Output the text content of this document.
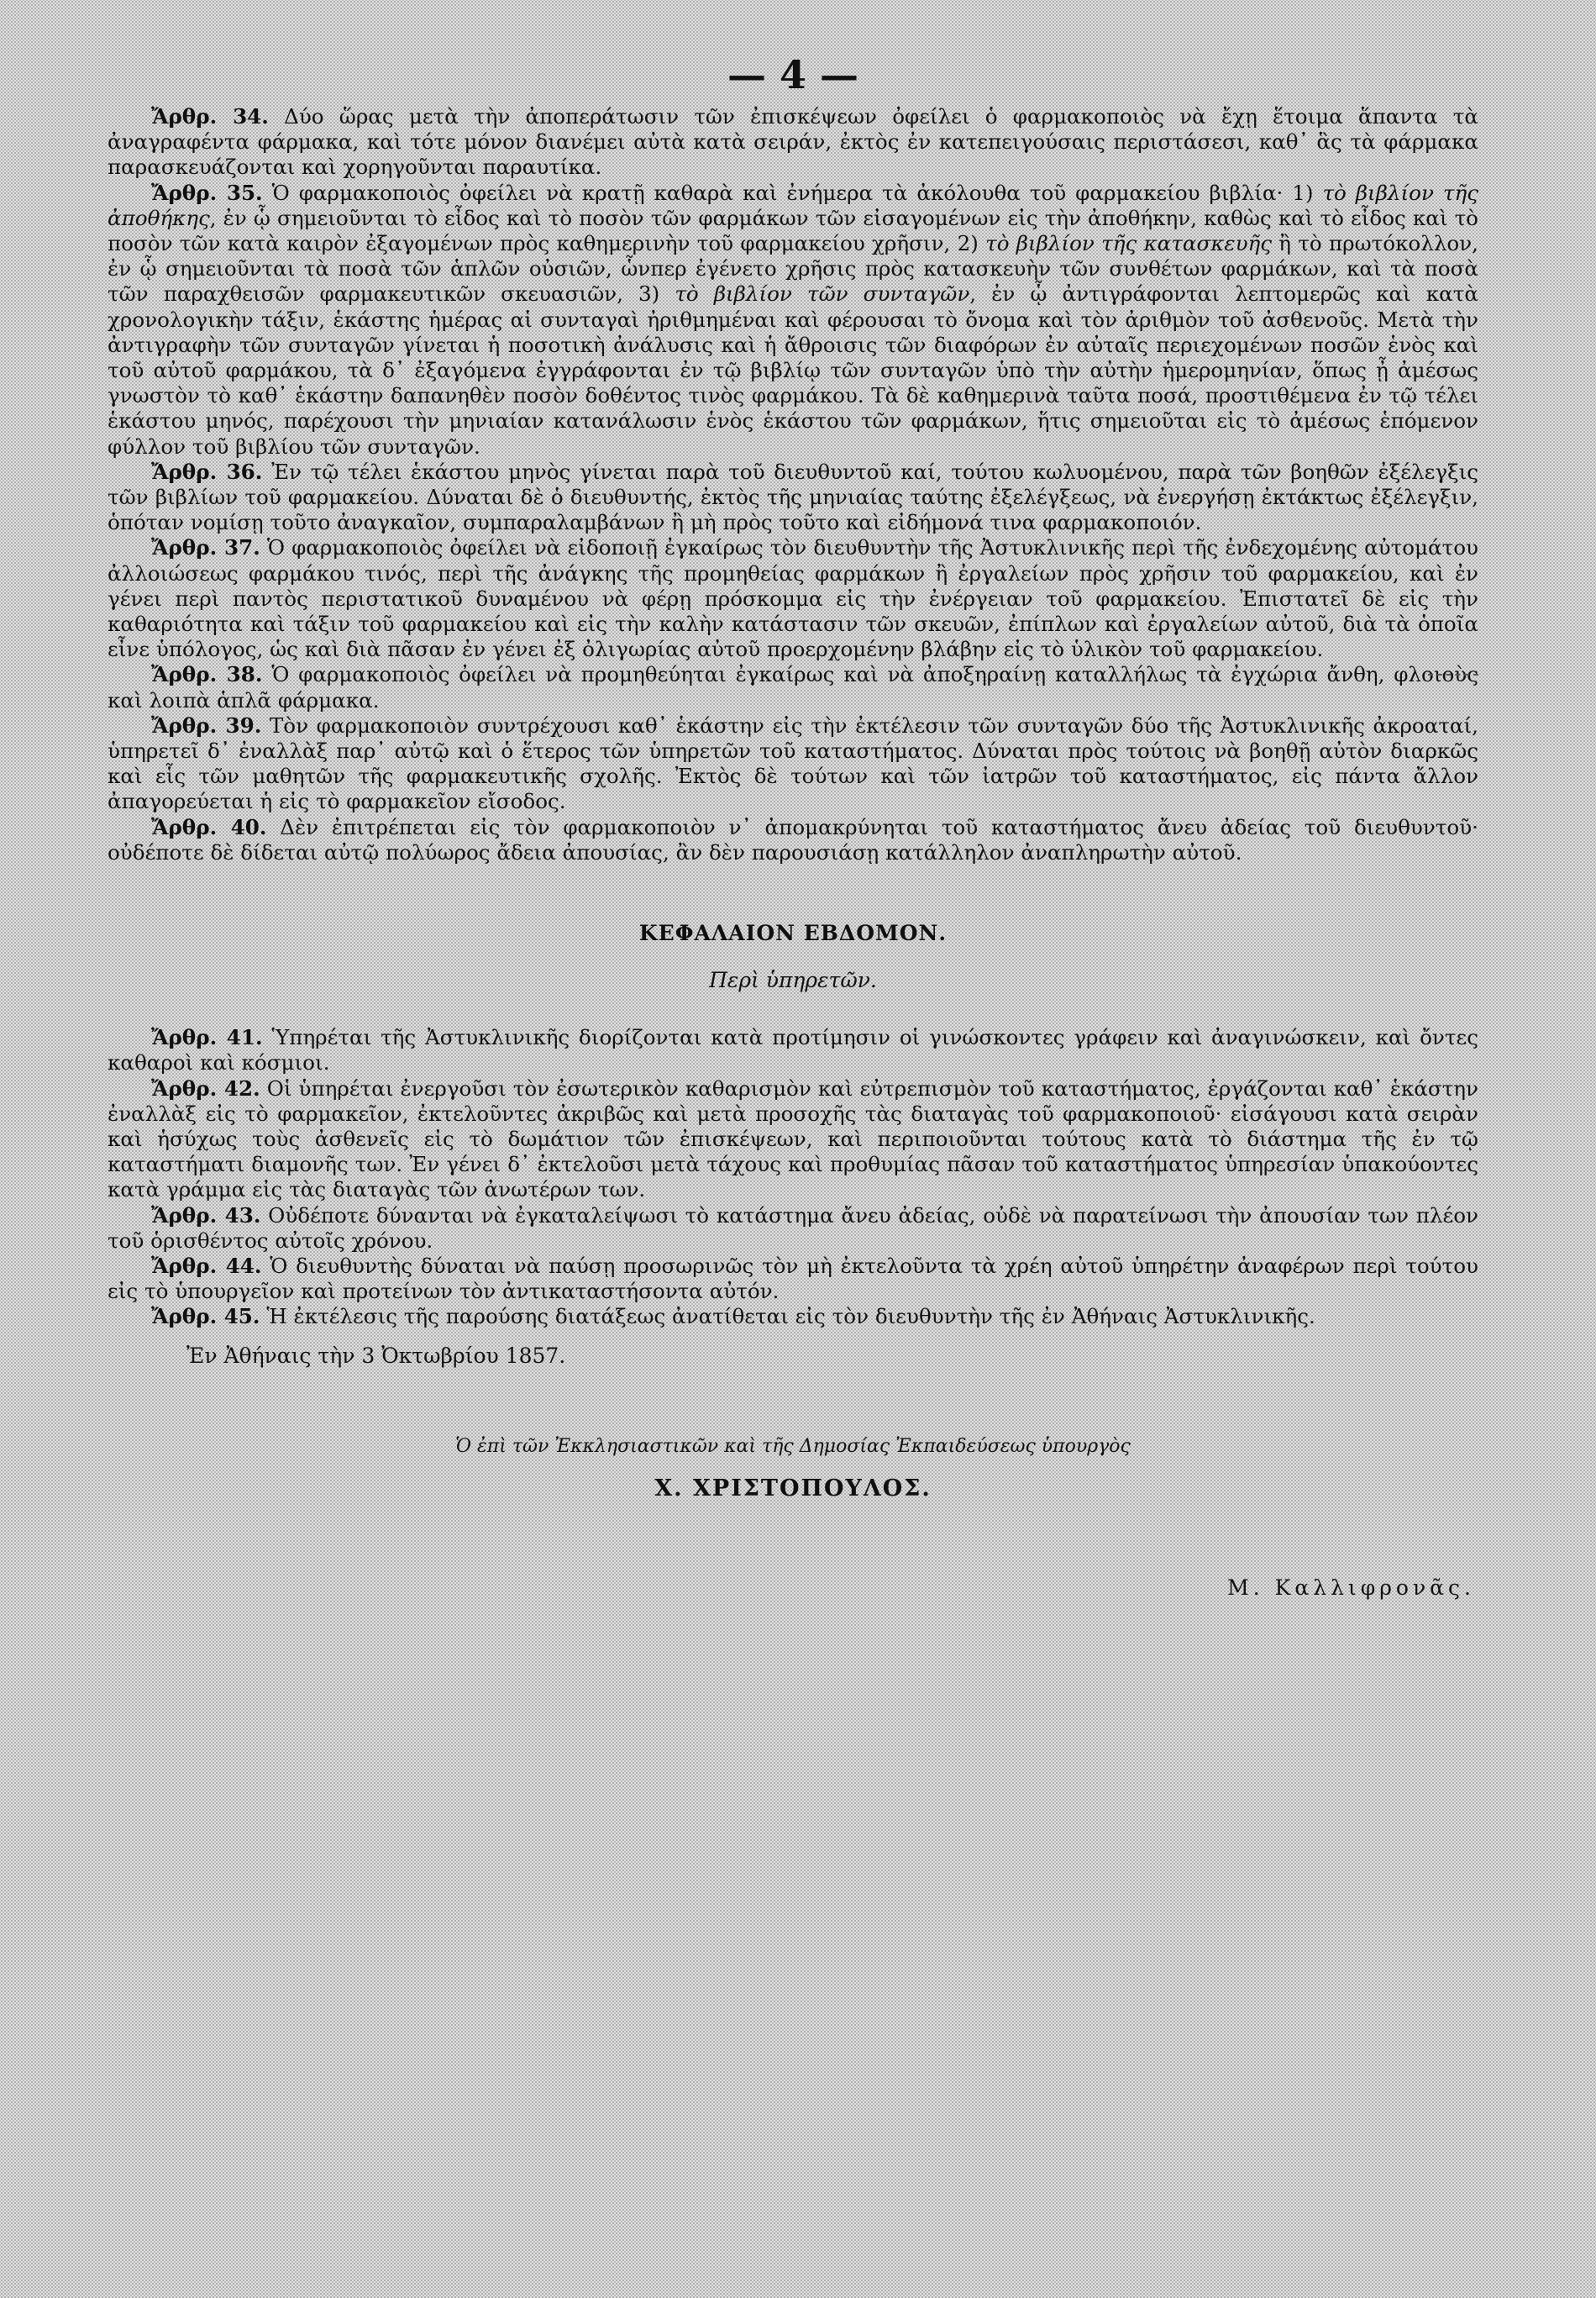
— 4 —

Ἄρθρ. 34. Δύο ὥρας μετὰ τὴν ἀποπεράτωσιν τῶν ἐπισκέψεων ὀφείλει ὁ φαρμακοποιὸς νὰ ἔχῃ ἕτοιμα ἅπαντα τὰ ἀναγραφέντα φάρμακα, καὶ τότε μόνον διανέμει αὐτὰ κατὰ σειράν, ἐκτὸς ἐν κατεπειγούσαις περιστάσεσι, καθ᾽ ἃς τὰ φάρμακα παρασκευάζονται καὶ χορηγοῦνται παραυτίκα.

Ἄρθρ. 35. Ὁ φαρμακοποιὸς ὀφείλει νὰ κρατῇ καθαρὰ καὶ ἐνήμερα τὰ ἀκόλουθα τοῦ φαρμακείου βιβλία· 1) τὸ βιβλίον τῆς ἀποθήκης, ἐν ᾧ σημειοῦνται τὸ εἶδος καὶ τὸ ποσὸν τῶν φαρμάκων τῶν εἰσαγομένων εἰς τὴν ἀποθήκην, καθὼς καὶ τὸ εἶδος καὶ τὸ ποσὸν τῶν κατὰ καιρὸν ἐξαγομένων πρὸς καθημερινὴν τοῦ φαρμακείου χρῆσιν, 2) τὸ βιβλίον τῆς κατασκευῆς ἢ τὸ πρωτόκολλον, ἐν ᾧ σημειοῦνται τὰ ποσὰ τῶν ἁπλῶν οὐσιῶν, ὧνπερ ἐγένετο χρῆσις πρὸς κατασκευὴν τῶν συνθέτων φαρμάκων, καὶ τὰ ποσὰ τῶν παραχθεισῶν φαρμακευτικῶν σκευασιῶν, 3) τὸ βιβλίον τῶν συνταγῶν, ἐν ᾧ ἀντιγράφονται λεπτομερῶς καὶ κατὰ χρονολογικὴν τάξιν, ἑκάστης ἡμέρας αἱ συνταγαὶ ἠριθμημέναι καὶ φέρουσαι τὸ ὄνομα καὶ τὸν ἀριθμὸν τοῦ ἀσθενοῦς. Μετὰ τὴν ἀντιγραφὴν τῶν συνταγῶν γίνεται ἡ ποσοτικὴ ἀνάλυσις καὶ ἡ ἄθροισις τῶν διαφόρων ἐν αὐταῖς περιεχομένων ποσῶν ἑνὸς καὶ τοῦ αὐτοῦ φαρμάκου, τὰ δ᾽ ἐξαγόμενα ἐγγράφονται ἐν τῷ βιβλίῳ τῶν συνταγῶν ὑπὸ τὴν αὐτὴν ἡμερομηνίαν, ὅπως ᾖ ἀμέσως γνωστὸν τὸ καθ᾽ ἑκάστην δαπανηθὲν ποσὸν δοθέντος τινὸς φαρμάκου. Τὰ δὲ καθημερινὰ ταῦτα ποσά, προστιθέμενα ἐν τῷ τέλει ἑκάστου μηνός, παρέχουσι τὴν μηνιαίαν κατανάλωσιν ἑνὸς ἑκάστου τῶν φαρμάκων, ἥτις σημειοῦται εἰς τὸ ἀμέσως ἑπόμενον φύλλον τοῦ βιβλίου τῶν συνταγῶν.

Ἄρθρ. 36. Ἐν τῷ τέλει ἑκάστου μηνὸς γίνεται παρὰ τοῦ διευθυντοῦ καί, τούτου κωλυομένου, παρὰ τῶν βοηθῶν ἐξέλεγξις τῶν βιβλίων τοῦ φαρμακείου. Δύναται δὲ ὁ διευθυντής, ἐκτὸς τῆς μηνιαίας ταύτης ἐξελέγξεως, νὰ ἐνεργήσῃ ἐκτάκτως ἐξέλεγξιν, ὁπόταν νομίσῃ τοῦτο ἀναγκαῖον, συμπαραλαμβάνων ἢ μὴ πρὸς τοῦτο καὶ εἰδήμονά τινα φαρμακοποιόν.

Ἄρθρ. 37. Ὁ φαρμακοποιὸς ὀφείλει νὰ εἰδοποιῇ ἐγκαίρως τὸν διευθυντὴν τῆς Ἀστυκλινικῆς περὶ τῆς ἐνδεχομένης αὐτομάτου ἀλλοιώσεως φαρμάκου τινός, περὶ τῆς ἀνάγκης τῆς προμηθείας φαρμάκων ἢ ἐργαλείων πρὸς χρῆσιν τοῦ φαρμακείου, καὶ ἐν γένει περὶ παντὸς περιστατικοῦ δυναμένου νὰ φέρῃ πρόσκομμα εἰς τὴν ἐνέργειαν τοῦ φαρμακείου. Ἐπιστατεῖ δὲ εἰς τὴν καθαριότητα καὶ τάξιν τοῦ φαρμακείου καὶ εἰς τὴν καλὴν κατάστασιν τῶν σκευῶν, ἐπίπλων καὶ ἐργαλείων αὐτοῦ, διὰ τὰ ὁποῖα εἶνε ὑπόλογος, ὡς καὶ διὰ πᾶσαν ἐν γένει ἐξ ὀλιγωρίας αὐτοῦ προερχομένην βλάβην εἰς τὸ ὑλικὸν τοῦ φαρμακείου.

Ἄρθρ. 38. Ὁ φαρμακοποιὸς ὀφείλει νὰ προμηθεύηται ἐγκαίρως καὶ νὰ ἀποξηραίνῃ καταλλήλως τὰ ἐγχώρια ἄνθη, φλοιοὺς καὶ λοιπὰ ἁπλᾶ φάρμακα.

Ἄρθρ. 39. Τὸν φαρμακοποιὸν συντρέχουσι καθ᾽ ἑκάστην εἰς τὴν ἐκτέλεσιν τῶν συνταγῶν δύο τῆς Ἀστυκλινικῆς ἀκροαταί, ὑπηρετεῖ δ᾽ ἐναλλὰξ παρ᾽ αὐτῷ καὶ ὁ ἕτερος τῶν ὑπηρετῶν τοῦ καταστήματος. Δύναται πρὸς τούτοις νὰ βοηθῇ αὐτὸν διαρκῶς καὶ εἷς τῶν μαθητῶν τῆς φαρμακευτικῆς σχολῆς. Ἐκτὸς δὲ τούτων καὶ τῶν ἰατρῶν τοῦ καταστήματος, εἰς πάντα ἄλλον ἀπαγορεύεται ἡ εἰς τὸ φαρμακεῖον εἴσοδος.

Ἄρθρ. 40. Δὲν ἐπιτρέπεται εἰς τὸν φαρμακοποιὸν ν᾽ ἀπομακρύνηται τοῦ καταστήματος ἄνευ ἀδείας τοῦ διευθυντοῦ· οὐδέποτε δὲ δίδεται αὐτῷ πολύωρος ἄδεια ἀπουσίας, ἂν δὲν παρουσιάσῃ κατάλληλον ἀναπληρωτὴν αὐτοῦ.

ΚΕΦΑΛΑΙΟΝ ΕΒΔΟΜΟΝ.
Περὶ ὑπηρετῶν.

Ἄρθρ. 41. Ὑπηρέται τῆς Ἀστυκλινικῆς διορίζονται κατὰ προτίμησιν οἱ γινώσκοντες γράφειν καὶ ἀναγινώσκειν, καὶ ὄντες καθαροὶ καὶ κόσμιοι.

Ἄρθρ. 42. Οἱ ὑπηρέται ἐνεργοῦσι τὸν ἐσωτερικὸν καθαρισμὸν καὶ εὐτρεπισμὸν τοῦ καταστήματος, ἐργάζονται καθ᾽ ἑκάστην ἐναλλὰξ εἰς τὸ φαρμακεῖον, ἐκτελοῦντες ἀκριβῶς καὶ μετὰ προσοχῆς τὰς διαταγὰς τοῦ φαρμακοποιοῦ· εἰσάγουσι κατὰ σειρὰν καὶ ἡσύχως τοὺς ἀσθενεῖς εἰς τὸ δωμάτιον τῶν ἐπισκέψεων, καὶ περιποιοῦνται τούτους κατὰ τὸ διάστημα τῆς ἐν τῷ καταστήματι διαμονῆς των. Ἐν γένει δ᾽ ἐκτελοῦσι μετὰ τάχους καὶ προθυμίας πᾶσαν τοῦ καταστήματος ὑπηρεσίαν ὑπακούοντες κατὰ γράμμα εἰς τὰς διαταγὰς τῶν ἀνωτέρων των.

Ἄρθρ. 43. Οὐδέποτε δύνανται νὰ ἐγκαταλείψωσι τὸ κατάστημα ἄνευ ἀδείας, οὐδὲ νὰ παρατείνωσι τὴν ἀπουσίαν των πλέον τοῦ ὁρισθέντος αὐτοῖς χρόνου.

Ἄρθρ. 44. Ὁ διευθυντὴς δύναται νὰ παύσῃ προσωρινῶς τὸν μὴ ἐκτελοῦντα τὰ χρέη αὐτοῦ ὑπηρέτην ἀναφέρων περὶ τούτου εἰς τὸ ὑπουργεῖον καὶ προτείνων τὸν ἀντικαταστήσοντα αὐτόν.

Ἄρθρ. 45. Ἡ ἐκτέλεσις τῆς παρούσης διατάξεως ἀνατίθεται εἰς τὸν διευθυντὴν τῆς ἐν Ἀθήναις Ἀστυκλινικῆς.

Ἐν Ἀθήναις τὴν 3 Ὀκτωβρίου 1857.
Ὁ ἐπὶ τῶν Ἐκκλησιαστικῶν καὶ τῆς Δημοσίας Ἐκπαιδεύσεως ὑπουργὸς
Χ. ΧΡΙΣΤΟΠΟΥΛΟΣ.
Μ. Καλλιφρονᾶς.
